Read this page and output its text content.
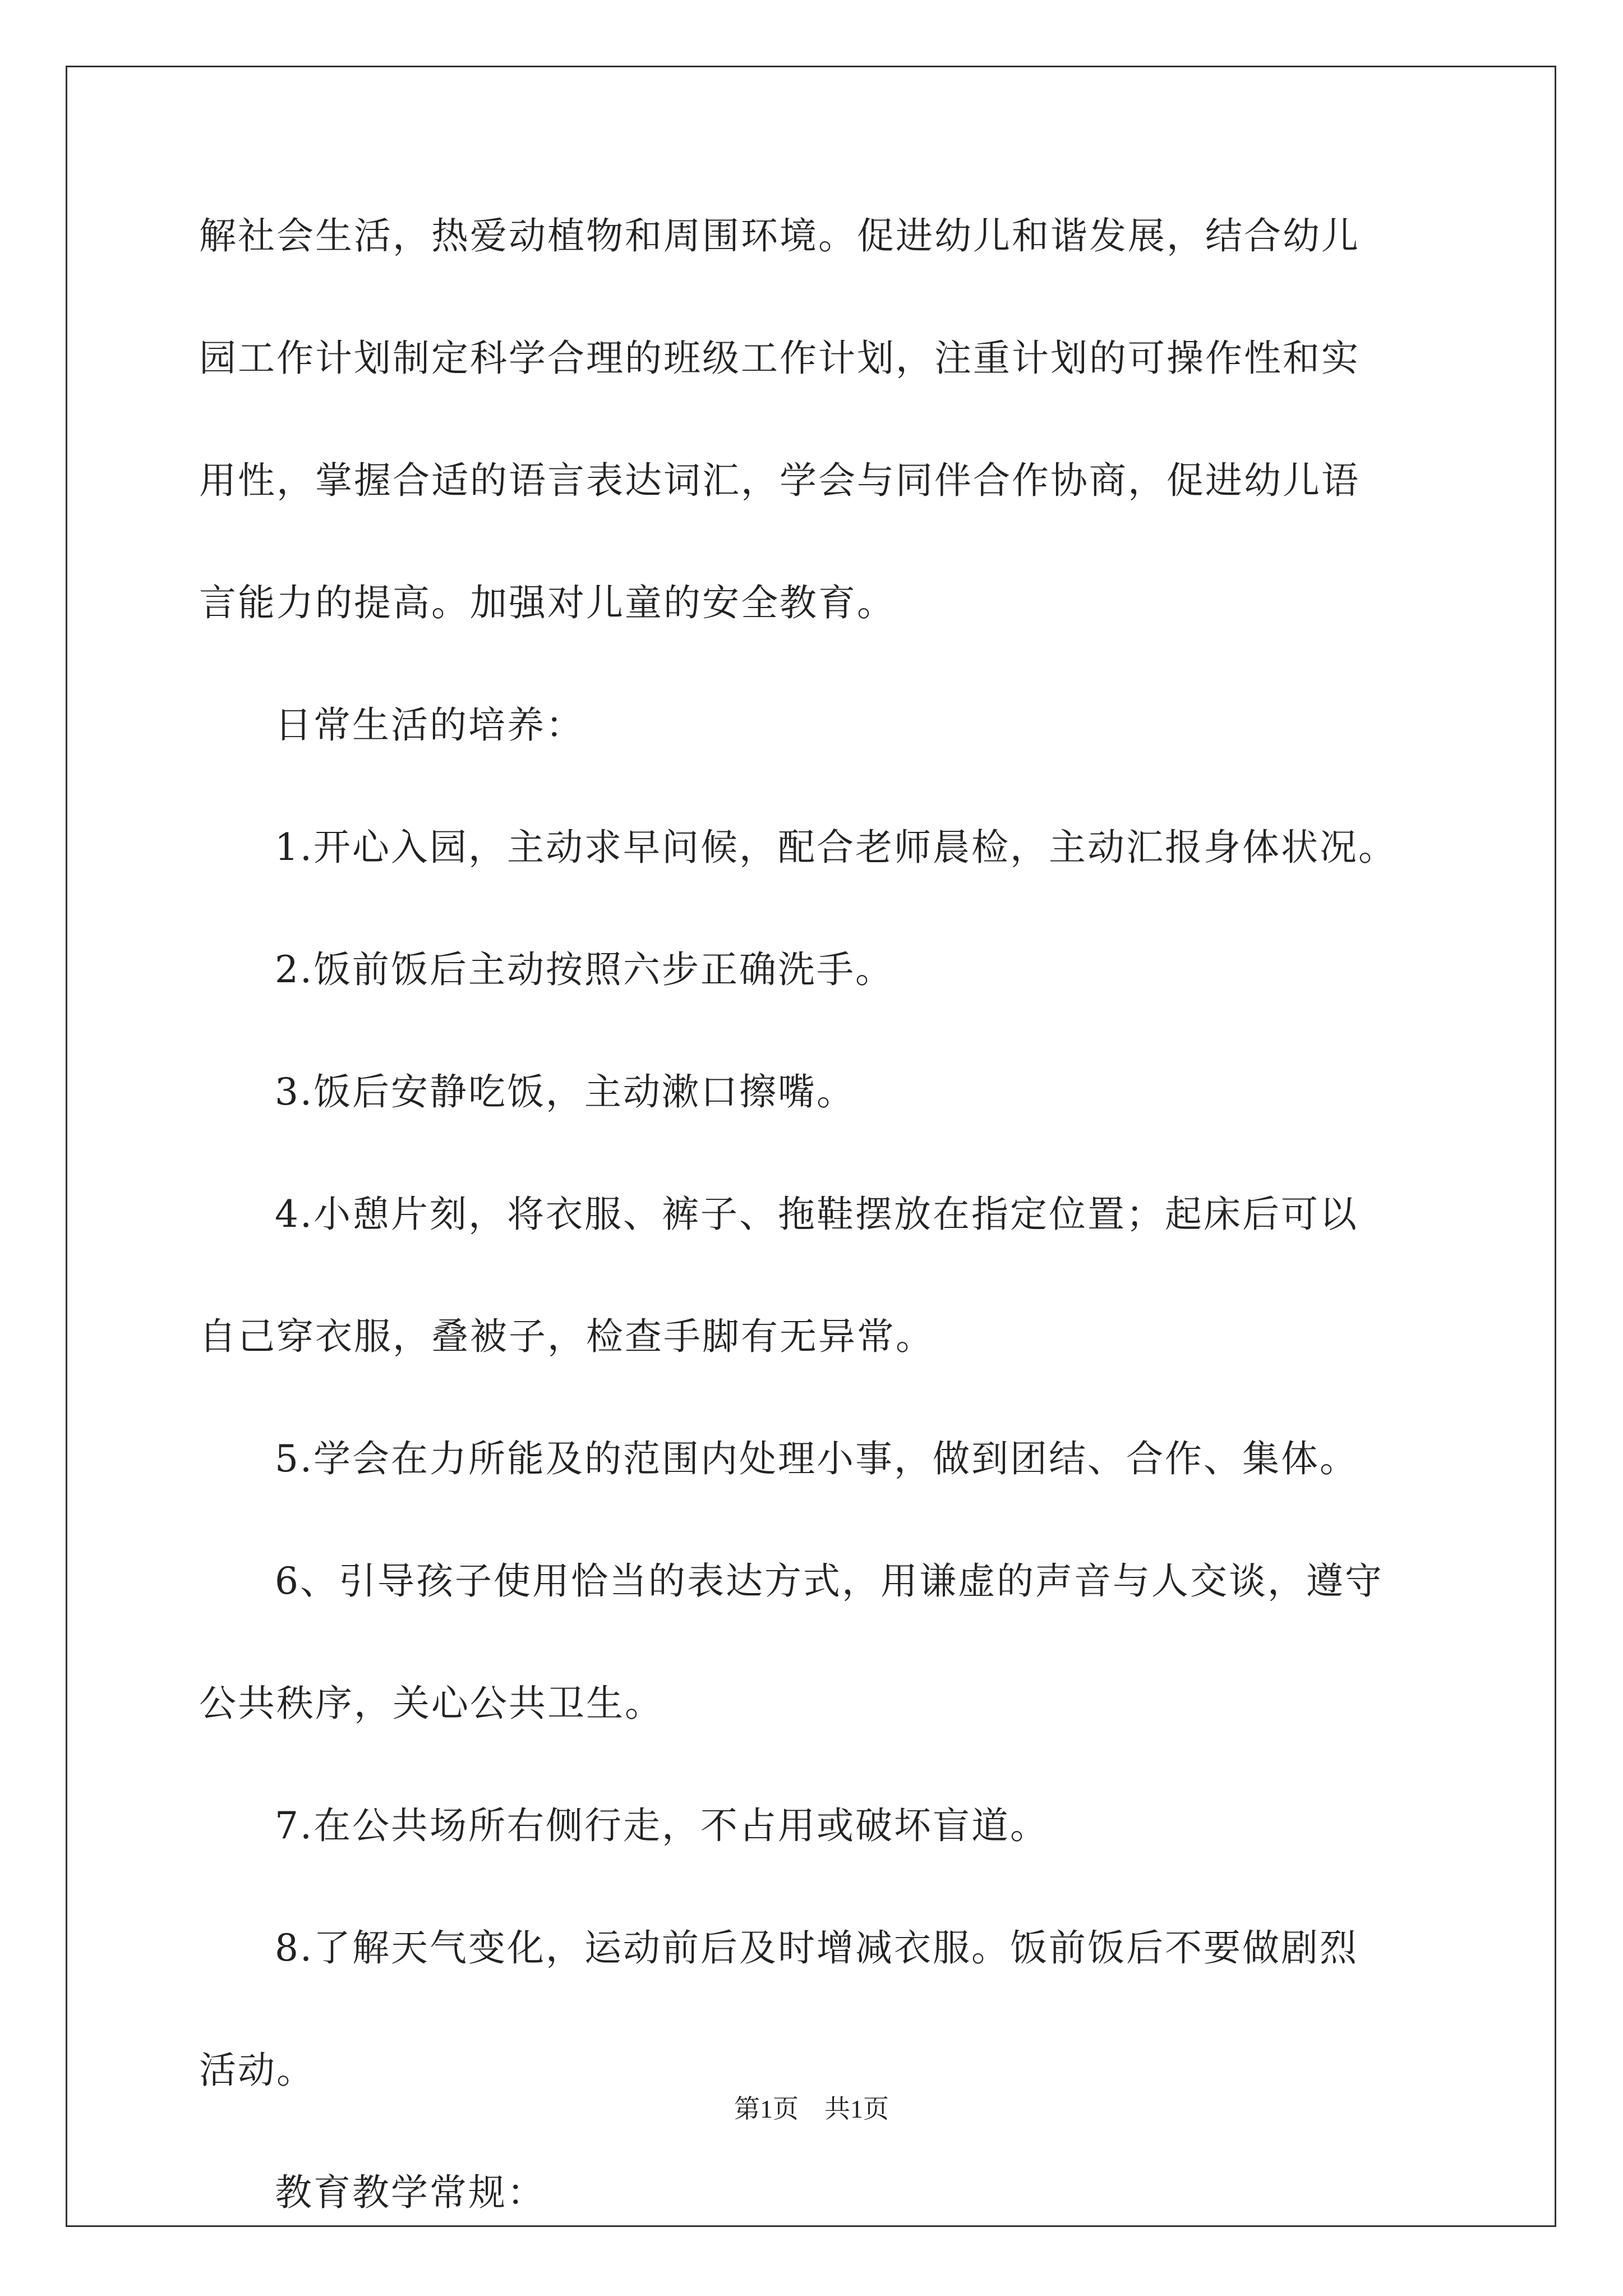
解社会生活，热爱动植物和周围环境。促进幼儿和谐发展，结合幼儿

园工作计划制定科学合理的班级工作计划，注重计划的可操作性和实

用性，掌握合适的语言表达词汇，学会与同伴合作协商，促进幼儿语

言能力的提高。加强对儿童的安全教育。

日常生活的培养：

1.开心入园，主动求早问候，配合老师晨检，主动汇报身体状况。

2.饭前饭后主动按照六步正确洗手。

3.饭后安静吃饭，主动漱口擦嘴。

4.小憩片刻，将衣服、裤子、拖鞋摆放在指定位置；起床后可以

自己穿衣服，叠被子，检查手脚有无异常。

5.学会在力所能及的范围内处理小事，做到团结、合作、集体。

6、引导孩子使用恰当的表达方式，用谦虚的声音与人交谈，遵守

公共秩序，关心公共卫生。

7.在公共场所右侧行走，不占用或破坏盲道。

8.了解天气变化，运动前后及时增减衣服。饭前饭后不要做剧烈

活动。

教育教学常规：

第1页　共1页
